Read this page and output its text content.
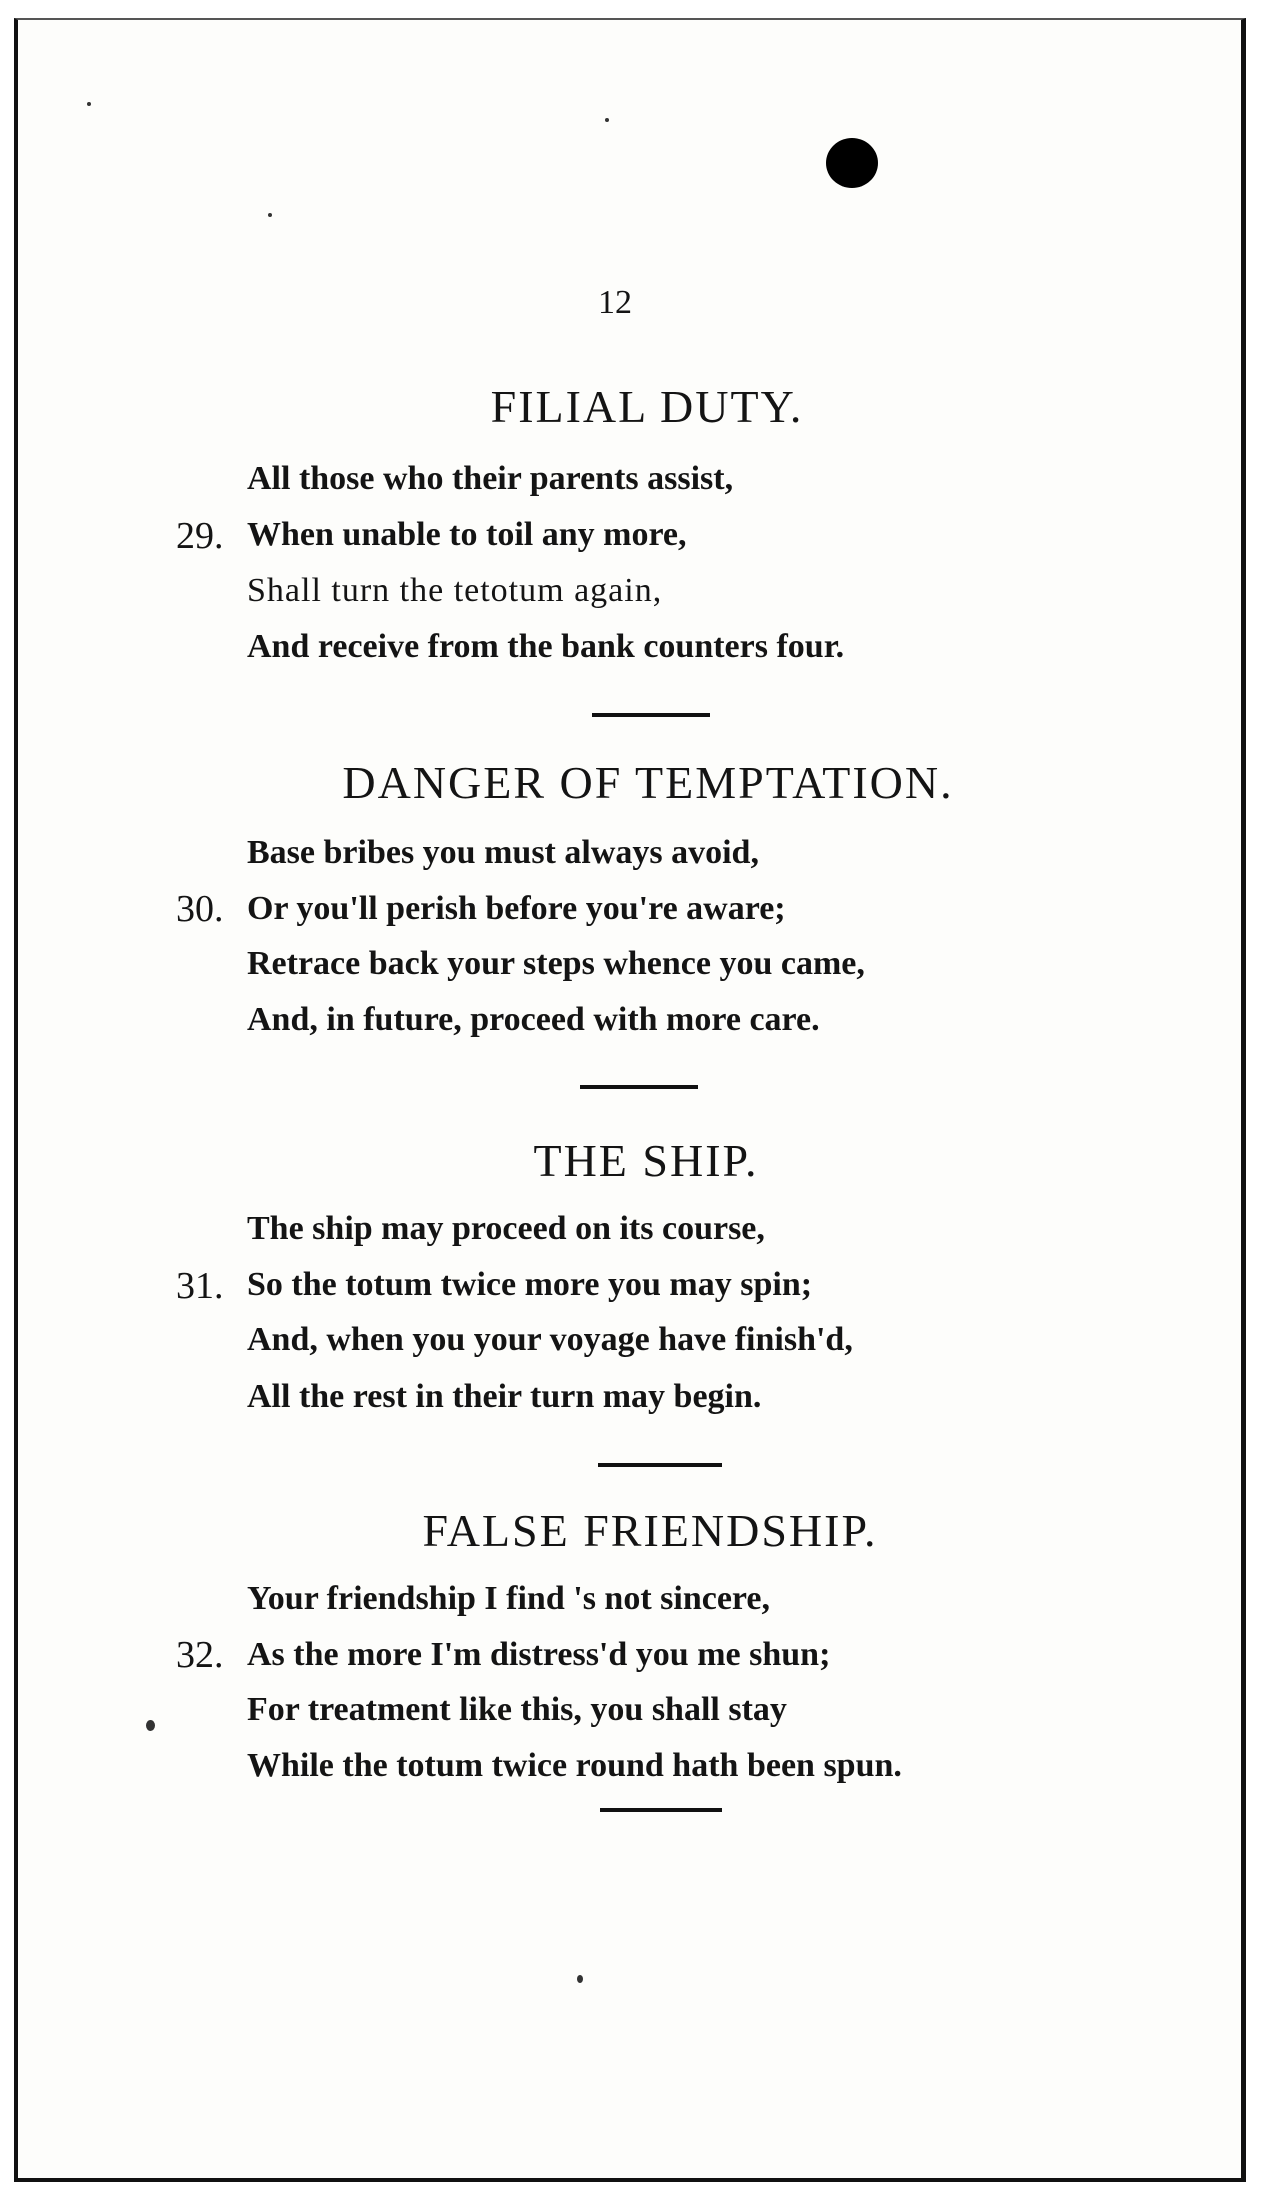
12
FILIAL DUTY.
All those who their parents assist,
29. When unable to toil any more,
Shall turn the tetotum again,
And receive from the bank counters four.
DANGER OF TEMPTATION.
Base bribes you must always avoid,
30. Or you'll perish before you're aware;
Retrace back your steps whence you came,
And, in future, proceed with more care.
THE SHIP.
The ship may proceed on its course,
31. So the totum twice more you may spin;
And, when you your voyage have finish'd,
All the rest in their turn may begin.
FALSE FRIENDSHIP.
Your friendship I find 's not sincere,
32. As the more I'm distress'd you me shun;
For treatment like this, you shall stay
While the totum twice round hath been spun.
